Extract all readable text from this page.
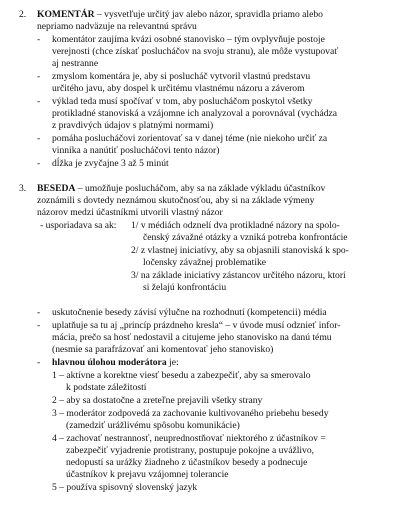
2. KOMENTÁR – vysvetľuje určitý jav alebo názor, spravidla priamo alebo
nepriamo nadväzuje na relevantnú správu
- komentátor zaujíma kvázi osobné stanovisko – tým ovplyvňuje postoje
verejnosti (chce získať poslucháčov na svoju stranu), ale môže vystupovať
aj nestranne
- zmyslom komentára je, aby si poslucháč vytvoril vlastnú predstavu
určitého javu, aby dospel k určitému vlastnému názoru a záverom
- výklad teda musí spočívať v tom, aby poslucháčom poskytol všetky
protikladné stanoviská a vzájomne ich analyzoval a porovnával (vychádza
z pravdivých údajov s platnými normami)
- pomáha poslucháčovi zorientovať sa v danej téme (nie niekoho určiť za
vinníka a nanútiť poslucháčovi tento názor)
- dĺžka je zvyčajne 3 až 5 minút
3. BESEDA – umožňuje poslucháčom, aby sa na základe výkladu účastníkov
zoznámili s dovtedy neznámou skutočnosťou, aby si na základe výmeny
názorov medzi účastníkmi utvorili vlastný názor
- usporiadava sa ak: 1/ v médiách odznelí dva protikladné názory na spolo-
čenský závažné otázky a vzniká potreba konfrontácie
2/ z vlastnej iniciatívy, aby sa objasnili stanoviská k spo-
ločensky závažnej problematike
3/ na základe iniciatívy zástancov určitého názoru, ktorí
si želajú konfrontáciu
- uskutočnenie besedy závisí výlučne na rozhodnutí (kompetencii) média
- uplatňuje sa tu aj „princíp prázdneho kresla“ – v úvode musí odznieť infor-
mácia, prečo sa hosť nedostavil a citujeme jeho stanovisko na danú tému
(nesmie sa parafrázovať ani komentovať jeho stanovisko)
- hlavnou úlohou moderátora je:
1 – aktívne a korektne viesť besedu a zabezpečiť, aby sa smerovalo
k podstate záležitostí
2 – aby sa dostatočne a zreteľne prejavili všetky strany
3 – moderátor zodpovedá za zachovanie kultivovaného priebehu besedy
(zamedziť urážlivému spôsobu komunikácie)
4 – zachovať nestrannosť, neuprednostňovať niektorého z účastníkov =
zabezpečiť vyjadrenie protistrany, postupuje pokojne a uvážlivo,
nedopustí sa urážky žiadneho z účastníkov besedy a podnecuje
účastníkov k prejavu vzájomnej tolerancie
5 – používa spisovný slovenský jazyk
